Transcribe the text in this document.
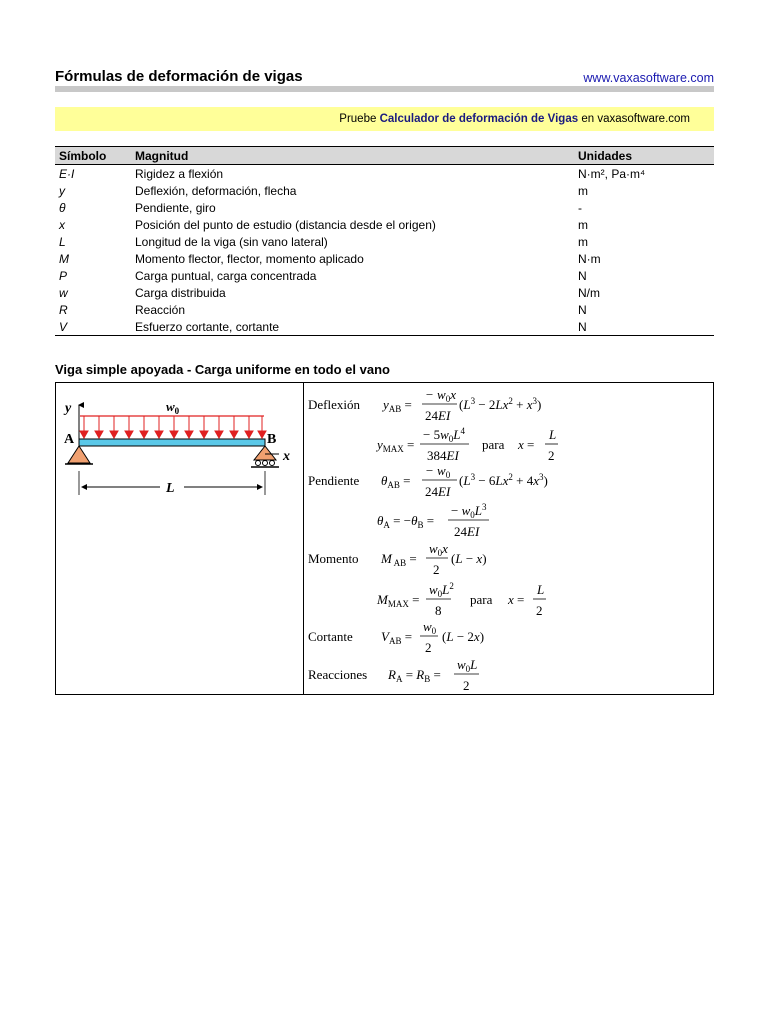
Fórmulas de deformación de vigas	www.vaxasoftware.com
Pruebe Calculador de deformación de Vigas en vaxasoftware.com
Símbolo	Magnitud	Unidades
E·I	Rigidez a flexión	N·m², Pa·m⁴
y	Deflexión, deformación, flecha	m
θ	Pendiente, giro	-
x	Posición del punto de estudio (distancia desde el origen)	m
L	Longitud de la viga (sin vano lateral)	m
M	Momento flector, flector, momento aplicado	N·m
P	Carga puntual, carga concentrada	N
w	Carga distribuida	N/m
R	Reacción	N
V	Esfuerzo cortante, cortante	N
Viga simple apoyada - Carga uniforme en todo el vano
y	$w_0$
A	B
x
L
Deflexión $y_{AB}$ =
− $w_0x$
24EI
$(L^3 - 2Lx^2 + x^3)$
$y_{MAX}$ =
− $5w_0L^4$
384EI
para x =
L
2
Pendiente $\theta_{AB}$ =
− $w_0$
24EI
$(L^3 - 6Lx^2 + 4x^3)$
$\theta_A = -\theta_B$ =
− $w_0L^3$
24EI
Momento M $_{AB}$ =
$w_0x$
2
(L − x)
$M_{MAX}$ =
$w_0L^2$
8
para x =
L
2
Cortante $V_{AB}$ =
$w_0$
2
(L − 2x)
Reacciones $R_A = R_B$ =
$w_0L$
2
